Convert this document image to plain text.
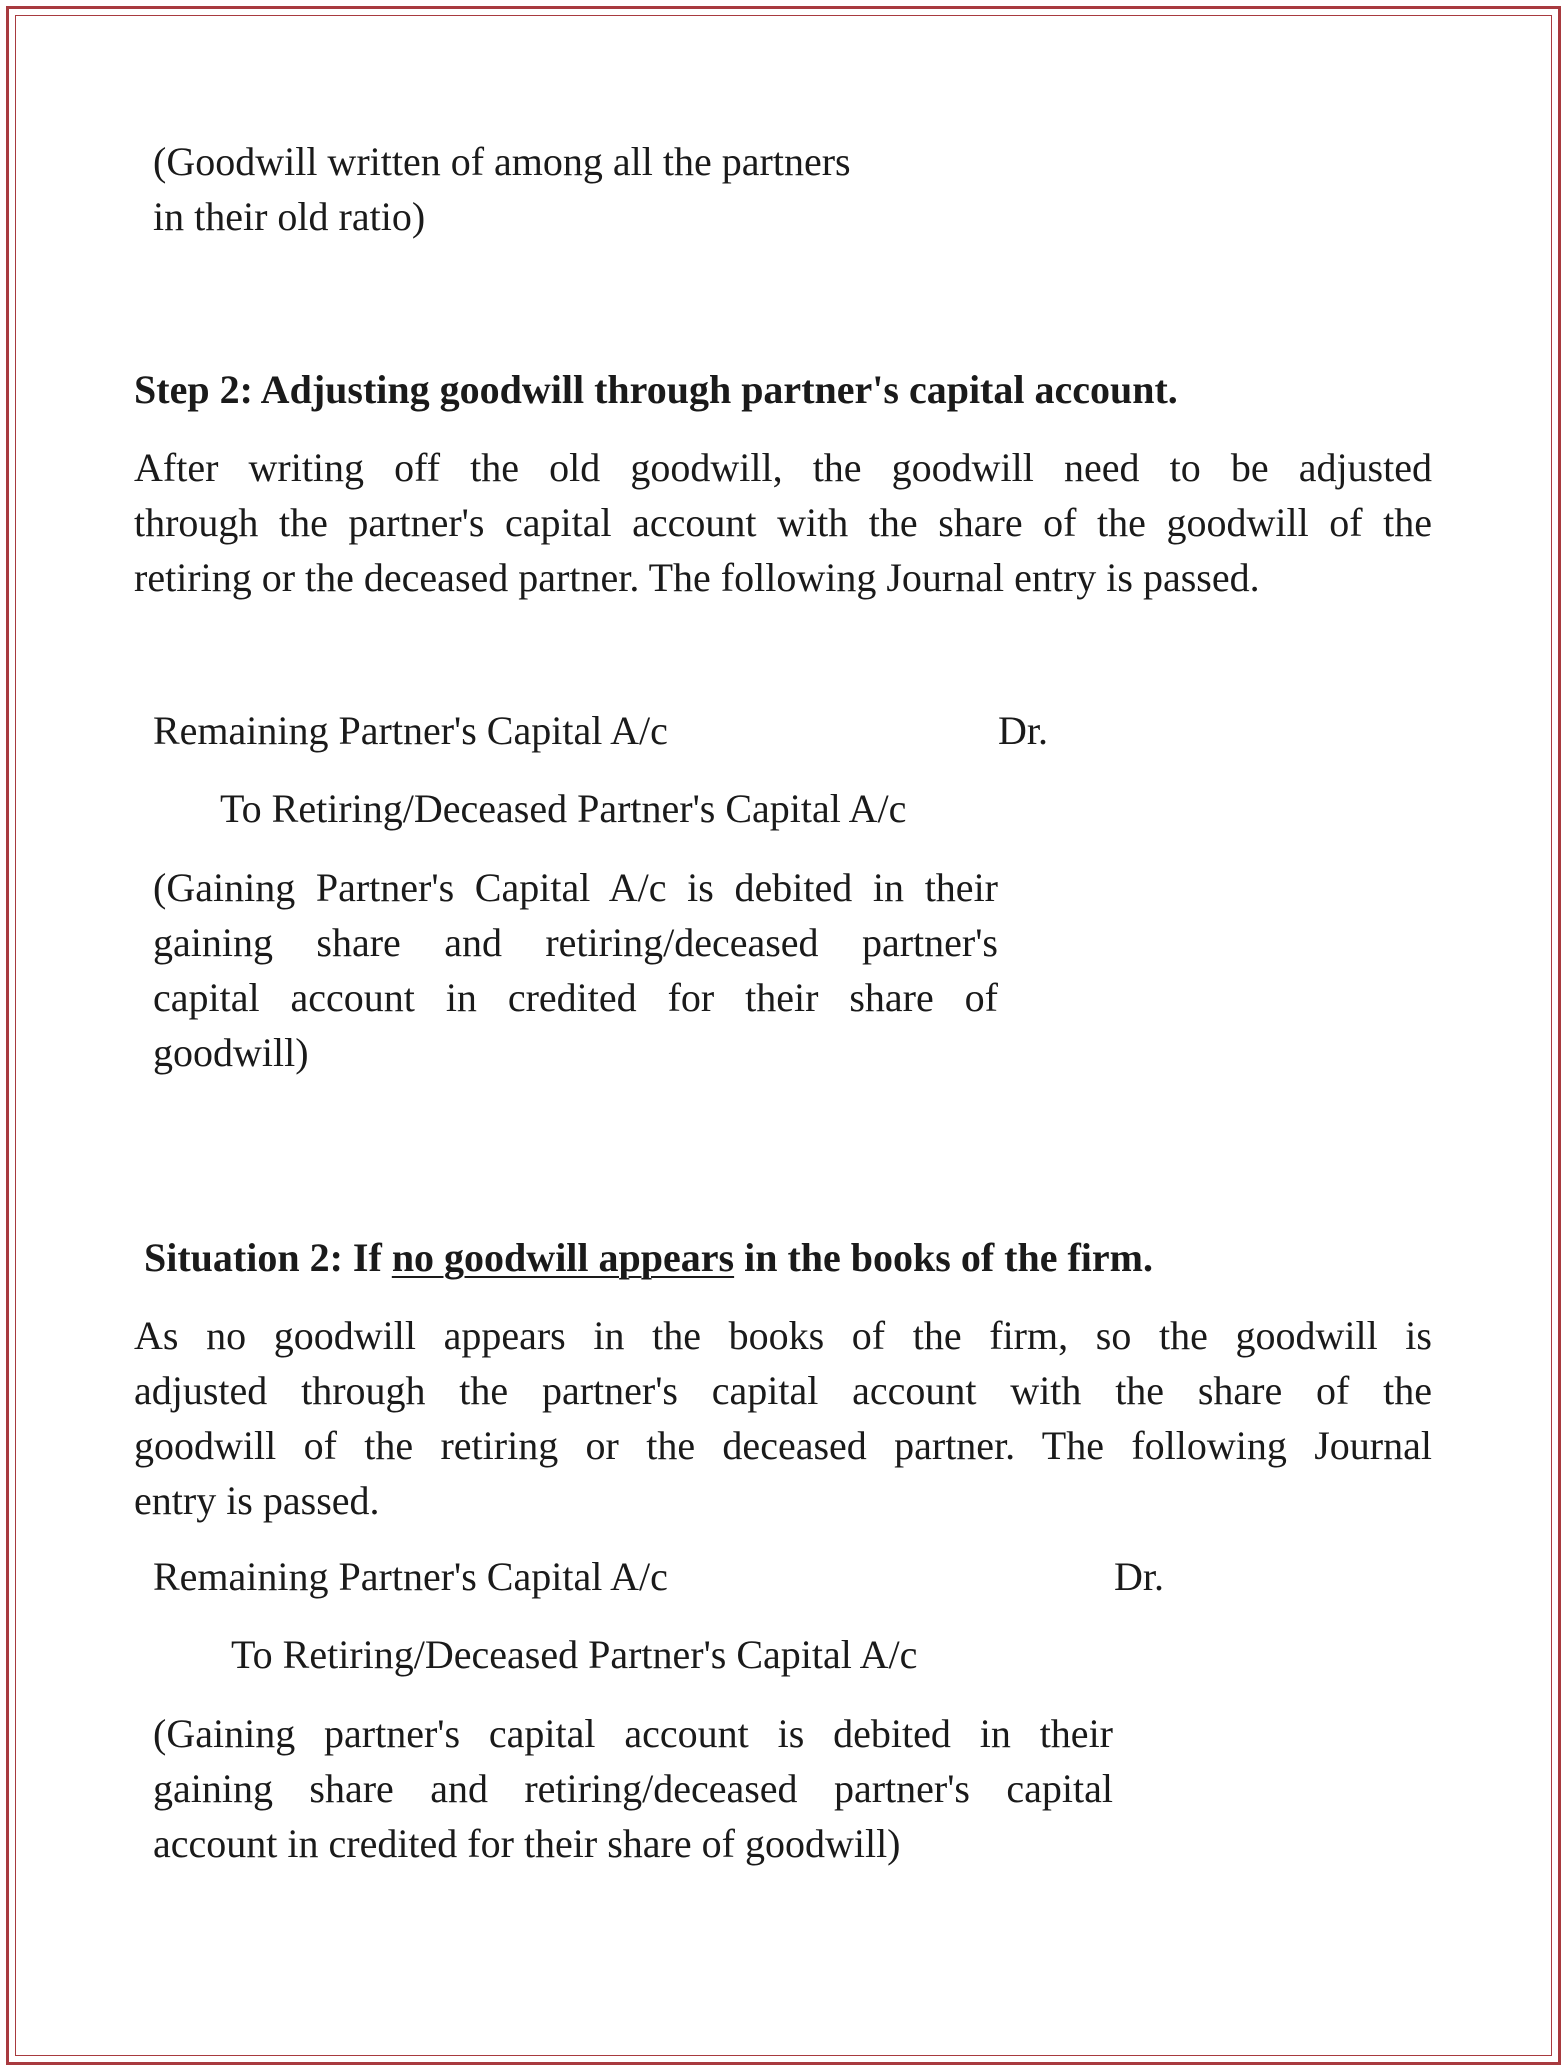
(Goodwill written of among all the partners
in their old ratio)
Step 2: Adjusting goodwill through partner's capital account.
After writing off the old goodwill, the goodwill need to be adjusted
through the partner's capital account with the share of the goodwill of the
retiring or the deceased partner. The following Journal entry is passed.
Remaining Partner's Capital A/c	Dr.
To Retiring/Deceased Partner's Capital A/c
(Gaining Partner's Capital A/c is debited in their
gaining share and retiring/deceased partner's
capital account in credited for their share of
goodwill)
Situation 2: If no goodwill appears in the books of the firm.
As no goodwill appears in the books of the firm, so the goodwill is
adjusted through the partner's capital account with the share of the
goodwill of the retiring or the deceased partner. The following Journal
entry is passed.
Remaining Partner's Capital A/c	Dr.
To Retiring/Deceased Partner's Capital A/c
(Gaining partner's capital account is debited in their
gaining share and retiring/deceased partner's capital
account in credited for their share of goodwill)
